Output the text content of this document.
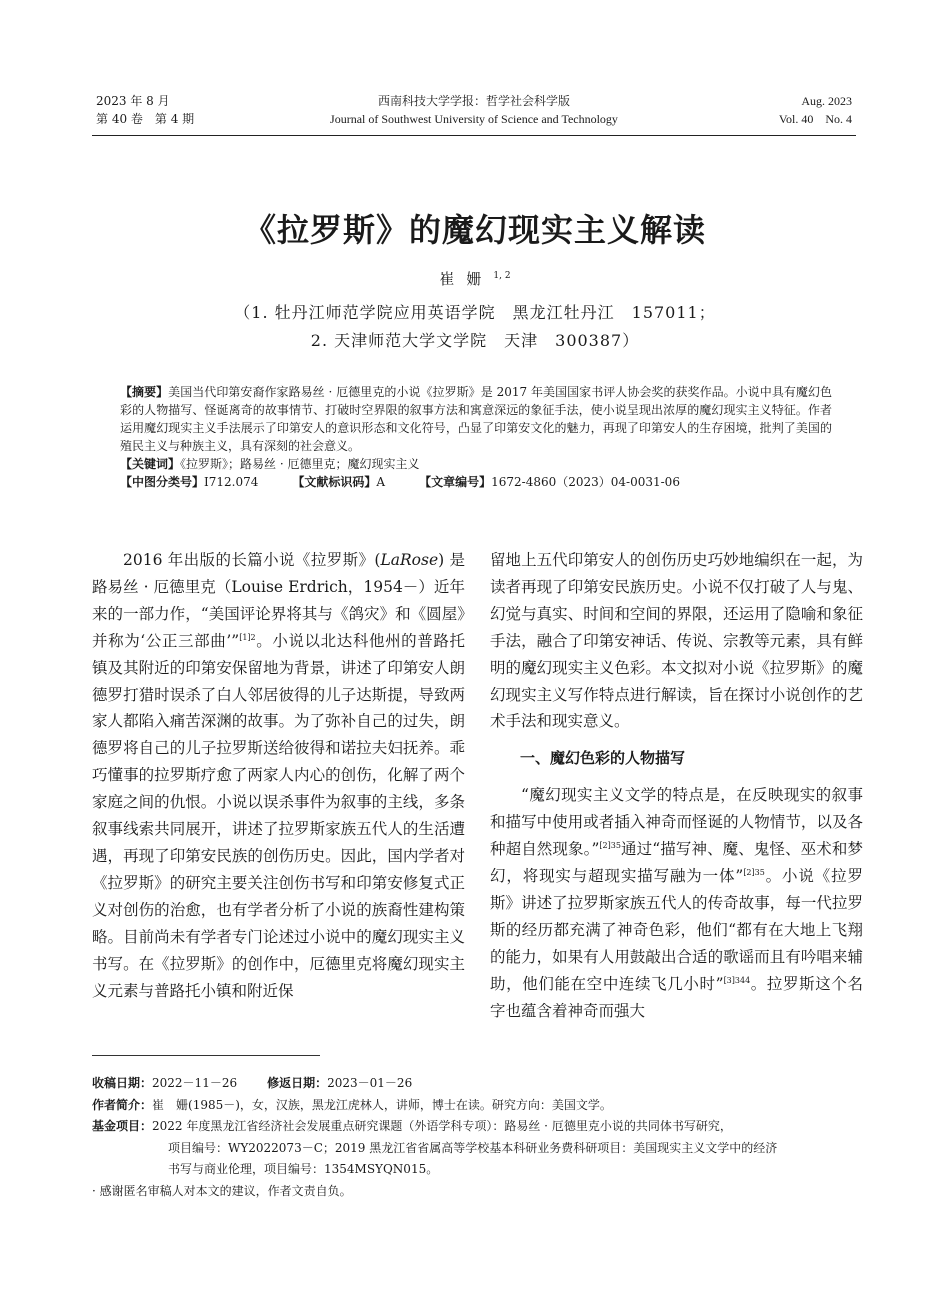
2023 年 8 月
第 40 卷　第 4 期
西南科技大学学报：哲学社会科学版
Journal of Southwest University of Science and Technology
Aug. 2023
Vol. 40　No. 4
《拉罗斯》的魔幻现实主义解读
崔姗$^{1, 2}$
（1. 牡丹江师范学院应用英语学院　黑龙江牡丹江　157011；
2. 天津师范大学文学院　天津　300387）

【摘要】美国当代印第安裔作家路易丝 · 厄德里克的小说《拉罗斯》是 2017 年美国国家书评人协会奖的获奖作品。小说中具有魔幻色彩的人物描写、怪诞离奇的故事情节、打破时空界限的叙事方法和寓意深远的象征手法，使小说呈现出浓厚的魔幻现实主义特征。作者运用魔幻现实主义手法展示了印第安人的意识形态和文化符号，凸显了印第安文化的魅力，再现了印第安人的生存困境，批判了美国的殖民主义与种族主义，具有深刻的社会意义。

【关键词】《拉罗斯》；路易丝 · 厄德里克；魔幻现实主义

【中图分类号】I712.074	【文献标识码】A	【文章编号】1672-4860（2023）04-0031-06

2016 年出版的长篇小说《拉罗斯》(LaRose) 是路易丝 · 厄德里克（Louise Erdrich，1954－）近年来的一部力作，“美国评论界将其与《鸽灾》和《圆屋》并称为‘公正三部曲’”$^{[1]2}$。小说以北达科他州的普路托镇及其附近的印第安保留地为背景，讲述了印第安人朗德罗打猎时误杀了白人邻居彼得的儿子达斯提，导致两家人都陷入痛苦深渊的故事。为了弥补自己的过失，朗德罗将自己的儿子拉罗斯送给彼得和诺拉夫妇抚养。乖巧懂事的拉罗斯疗愈了两家人内心的创伤，化解了两个家庭之间的仇恨。小说以误杀事件为叙事的主线，多条叙事线索共同展开，讲述了拉罗斯家族五代人的生活遭遇，再现了印第安民族的创伤历史。因此，国内学者对《拉罗斯》的研究主要关注创伤书写和印第安修复式正义对创伤的治愈，也有学者分析了小说的族裔性建构策略。目前尚未有学者专门论述过小说中的魔幻现实主义书写。在《拉罗斯》的创作中，厄德里克将魔幻现实主义元素与普路托小镇和附近保

留地上五代印第安人的创伤历史巧妙地编织在一起，为读者再现了印第安民族历史。小说不仅打破了人与鬼、幻觉与真实、时间和空间的界限，还运用了隐喻和象征手法，融合了印第安神话、传说、宗教等元素，具有鲜明的魔幻现实主义色彩。本文拟对小说《拉罗斯》的魔幻现实主义写作特点进行解读，旨在探讨小说创作的艺术手法和现实意义。

一、魔幻色彩的人物描写

“魔幻现实主义文学的特点是，在反映现实的叙事和描写中使用或者插入神奇而怪诞的人物情节，以及各种超自然现象。”$^{[2]35}$通过“描写神、魔、鬼怪、巫术和梦幻，将现实与超现实描写融为一体”$^{[2]35}$。小说《拉罗斯》讲述了拉罗斯家族五代人的传奇故事，每一代拉罗斯的经历都充满了神奇色彩，他们“都有在大地上飞翔的能力，如果有人用鼓敲出合适的歌谣而且有吟唱来辅助，他们能在空中连续飞几小时”$^{[3]344}$。拉罗斯这个名字也蕴含着神奇而强大

收稿日期：2022－11－26	修返日期：2023－01－26

作者简介：崔　姗(1985－)，女，汉族，黑龙江虎林人，讲师，博士在读。研究方向：美国文学。

基金项目：2022 年度黑龙江省经济社会发展重点研究课题（外语学科专项）：路易丝 · 厄德里克小说的共同体书写研究，

项目编号：WY2022073－C；2019 黑龙江省省属高等学校基本科研业务费科研项目：美国现实主义文学中的经济

书写与商业伦理，项目编号：1354MSYQN015。

· 感谢匿名审稿人对本文的建议，作者文责自负。
